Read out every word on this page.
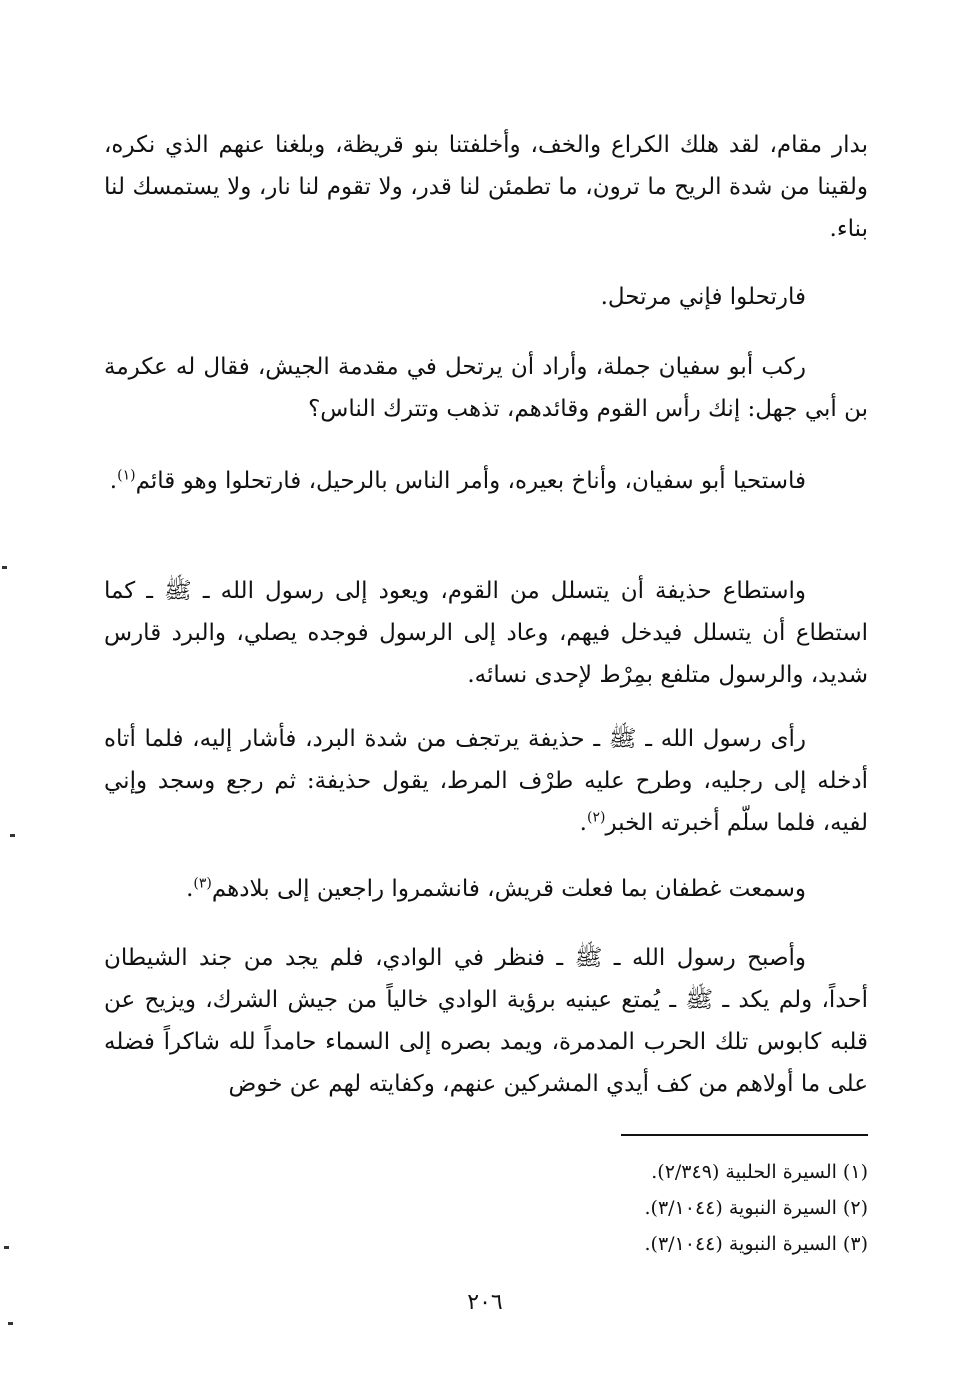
بدار مقام، لقد هلك الكراع والخف، وأخلفتنا بنو قريظة، وبلغنا عنهم الذي نكره، ولقينا من شدة الريح ما ترون، ما تطمئن لنا قدر، ولا تقوم لنا نار، ولا يستمسك لنا بناء.

فارتحلوا فإني مرتحل.

ركب أبو سفيان جملة، وأراد أن يرتحل في مقدمة الجيش، فقال له عكرمة بن أبي جهل: إنك رأس القوم وقائدهم، تذهب وتترك الناس؟

فاستحيا أبو سفيان، وأناخ بعيره، وأمر الناس بالرحيل، فارتحلوا وهو قائم$^{(١)}$.

واستطاع حذيفة أن يتسلل من القوم، ويعود إلى رسول الله ـ ﷺ ـ كما استطاع أن يتسلل فيدخل فيهم، وعاد إلى الرسول فوجده يصلي، والبرد قارس شديد، والرسول متلفع بمِرْط لإحدى نسائه.

رأى رسول الله ـ ﷺ ـ حذيفة يرتجف من شدة البرد، فأشار إليه، فلما أتاه أدخله إلى رجليه، وطرح عليه طرْف المرط، يقول حذيفة: ثم رجع وسجد وإني لفيه، فلما سلّم أخبرته الخبر$^{(٢)}$.

وسمعت غطفان بما فعلت قريش، فانشمروا راجعين إلى بلادهم$^{(٣)}$.

وأصبح رسول الله ـ ﷺ ـ فنظر في الوادي، فلم يجد من جند الشيطان أحداً، ولم يكد ـ ﷺ ـ يُمتع عينيه برؤية الوادي خالياً من جيش الشرك، ويزيح عن قلبه كابوس تلك الحرب المدمرة، ويمد بصره إلى السماء حامداً لله شاكراً فضله على ما أولاهم من كف أيدي المشركين عنهم، وكفايته لهم عن خوض

(١) السيرة الحلبية (٢/٣٤٩).
(٢) السيرة النبوية (٣/١٠٤٤).
(٣) السيرة النبوية (٣/١٠٤٤).
٢٠٦
